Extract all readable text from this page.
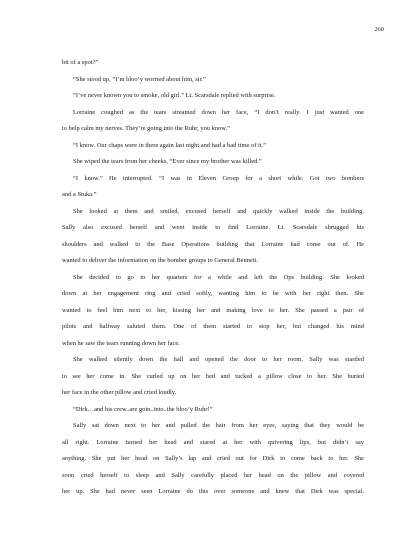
260
bit of a spot?”
“She stood up, “I’m bloo’y worried about him, sir.”
“I’ve never known you to smoke, old girl.” Lt. Scarsdale replied with surprise.
Lorraine coughed as the tears streamed down her face, “I don’t really. I just wanted one
to help calm my nerves. They’re going into the Ruhr, you know.”
“I know. Our chaps were in there again last night and had a bad time of it.”
She wiped the tears from her cheeks, “Ever since my brother was killed.”
“I know.” He interrupted. “I was in Eleven Group for a short while. Got two bombers
and a Stuka.”
She looked at them and smiled, excused herself and quickly walked inside the building.
Sally also excused herself and went inside to find Lorraine. Lt. Scarsdale shrugged his
shoulders and walked to the Base Operations building that Lorraine had come out of. He
wanted to deliver the information on the bomber groups to General Bennett.
She decided to go to her quarters for a while and left the Ops building. She looked
down at her engagement ring and cried softly, wanting him to be with her right then. She
wanted to feel him next to her, kissing her and making love to her. She passed a pair of
pilots and halfway saluted them. One of them started to stop her, but changed his mind
when he saw the tears running down her face.
She walked silently down the hall and opened the door to her room. Sally was startled
to see her come in. She curled up on her bed and tucked a pillow close to her. She buried
her face in the other pillow and cried loudly.
“Dirk…and his crew..are goin..into..the bloo’y Ruhr!”
Sally sat down next to her and pulled the hair from her eyes, saying that they would be
all right. Lorraine turned her head and stared at her with quivering lips, but didn’t say
anything. She put her head on Sally’s lap and cried out for Dirk to come back to her. She
soon cried herself to sleep and Sally carefully placed her head on the pillow and covered
her up. She had never seen Lorraine do this over someone and knew that Dirk was special.
